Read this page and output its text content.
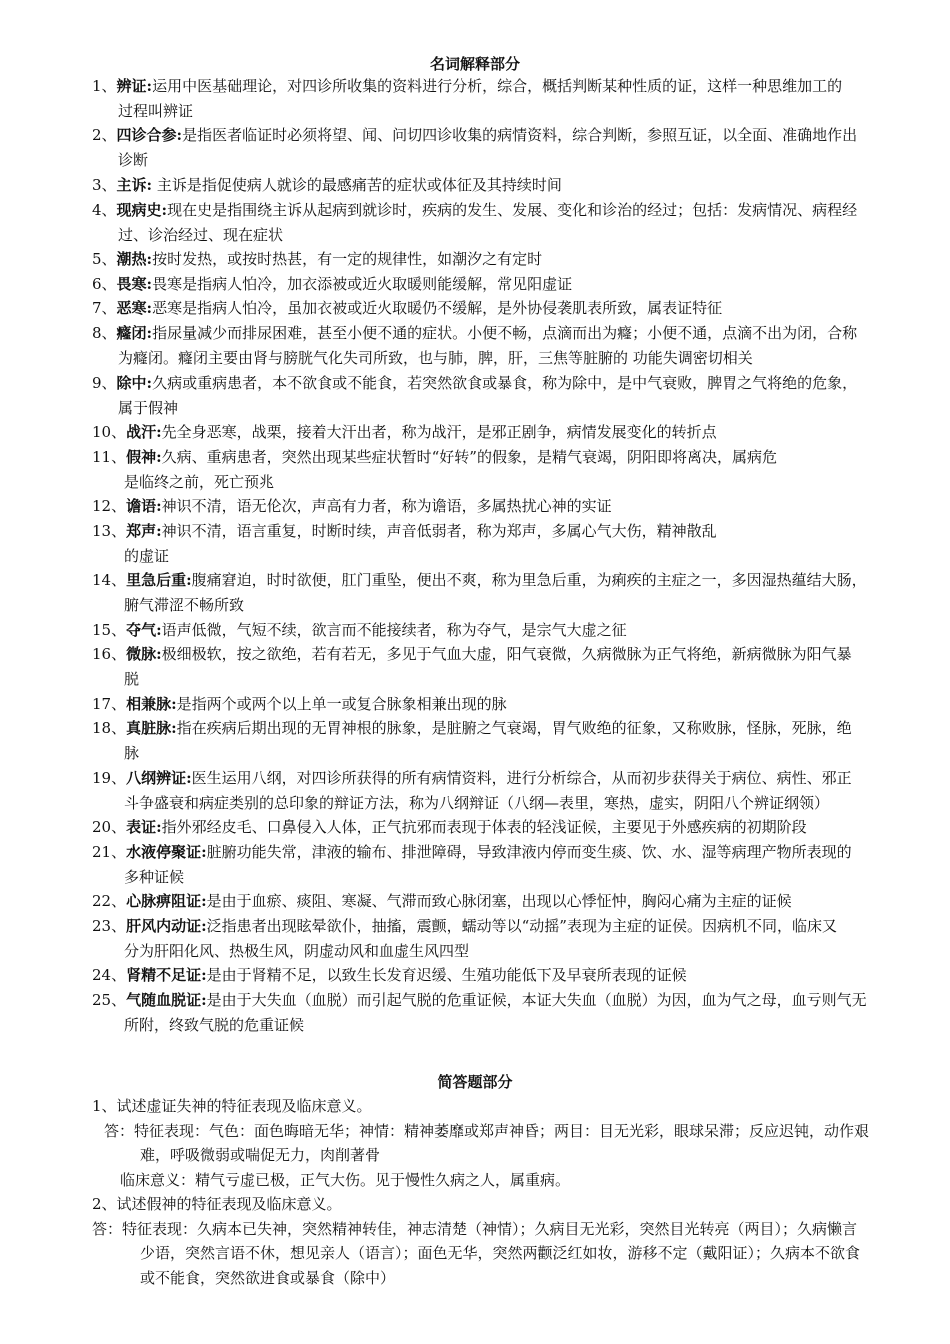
名词解释部分
1、辨证:运用中医基础理论，对四诊所收集的资料进行分析，综合，概括判断某种性质的证，这样一种思维加工的
过程叫辨证
2、四诊合参:是指医者临证时必须将望、闻、问切四诊收集的病情资料，综合判断，参照互证，以全面、准确地作出
诊断
3、主诉: 主诉是指促使病人就诊的最感痛苦的症状或体征及其持续时间
4、现病史:现在史是指围绕主诉从起病到就诊时，疾病的发生、发展、变化和诊治的经过；包括：发病情况、病程经
过、诊治经过、现在症状
5、潮热:按时发热，或按时热甚，有一定的规律性，如潮汐之有定时
6、畏寒:畏寒是指病人怕冷，加衣添被或近火取暖则能缓解，常见阳虚证
7、恶寒:恶寒是指病人怕冷，虽加衣被或近火取暖仍不缓解，是外协侵袭肌表所致，属表证特征
8、癃闭:指尿量减少而排尿困难，甚至小便不通的症状。小便不畅，点滴而出为癃；小便不通，点滴不出为闭，合称
为癃闭。癃闭主要由肾与膀胱气化失司所致，也与肺，脾，肝，三焦等脏腑的 功能失调密切相关
9、除中:久病或重病患者，本不欲食或不能食，若突然欲食或暴食，称为除中，是中气衰败，脾胃之气将绝的危象，
属于假神
10、战汗:先全身恶寒，战栗，接着大汗出者，称为战汗，是邪正剧争，病情发展变化的转折点
11、假神:久病、重病患者，突然出现某些症状暂时“好转”的假象，是精气衰竭，阴阳即将离决，属病危
是临终之前，死亡预兆
12、谵语:神识不清，语无伦次，声高有力者，称为谵语，多属热扰心神的实证
13、郑声:神识不清，语言重复，时断时续，声音低弱者，称为郑声，多属心气大伤，精神散乱
的虚证
14、里急后重:腹痛窘迫，时时欲便，肛门重坠，便出不爽，称为里急后重，为痢疾的主症之一，多因湿热蕴结大肠，
腑气滞涩不畅所致
15、夺气:语声低微，气短不续，欲言而不能接续者，称为夺气，是宗气大虚之征
16、微脉:极细极软，按之欲绝，若有若无，多见于气血大虚，阳气衰微，久病微脉为正气将绝，新病微脉为阳气暴
脱
17、相兼脉:是指两个或两个以上单一或复合脉象相兼出现的脉
18、真脏脉:指在疾病后期出现的无胃神根的脉象，是脏腑之气衰竭，胃气败绝的征象，又称败脉，怪脉，死脉，绝
脉
19、八纲辨证:医生运用八纲，对四诊所获得的所有病情资料，进行分析综合，从而初步获得关于病位、病性、邪正
斗争盛衰和病症类别的总印象的辩证方法，称为八纲辩证（八纲—表里，寒热，虚实，阴阳八个辨证纲领）
20、表证:指外邪经皮毛、口鼻侵入人体，正气抗邪而表现于体表的轻浅证候，主要见于外感疾病的初期阶段
21、水液停聚证:脏腑功能失常，津液的输布、排泄障碍，导致津液内停而变生痰、饮、水、湿等病理产物所表现的
多种证候
22、心脉痹阻证:是由于血瘀、痰阻、寒凝、气滞而致心脉闭塞，出现以心悸怔忡，胸闷心痛为主症的证候
23、肝风内动证:泛指患者出现眩晕欲仆，抽搐，震颤，蠕动等以“动摇”表现为主症的证侯。因病机不同，临床又
分为肝阳化风、热极生风，阴虚动风和血虚生风四型
24、肾精不足证:是由于肾精不足，以致生长发育迟缓、生殖功能低下及早衰所表现的证候
25、气随血脱证:是由于大失血（血脱）而引起气脱的危重证候，本证大失血（血脱）为因，血为气之母，血亏则气无
所附，终致气脱的危重证候
简答题部分
1、试述虚证失神的特征表现及临床意义。
答：特征表现：气色：面色晦暗无华；神情：精神萎靡或郑声神昏；两目：目无光彩，眼球呆滞；反应迟钝，动作艰
难，呼吸微弱或喘促无力，肉削著骨
临床意义：精气亏虚已极，正气大伤。见于慢性久病之人，属重病。
2、试述假神的特征表现及临床意义。
答：特征表现：久病本已失神，突然精神转佳，神志清楚（神情）；久病目无光彩，突然目光转亮（两目）；久病懒言
少语，突然言语不休，想见亲人（语言）；面色无华，突然两颧泛红如妆，游移不定（戴阳证）；久病本不欲食
或不能食，突然欲进食或暴食（除中）
